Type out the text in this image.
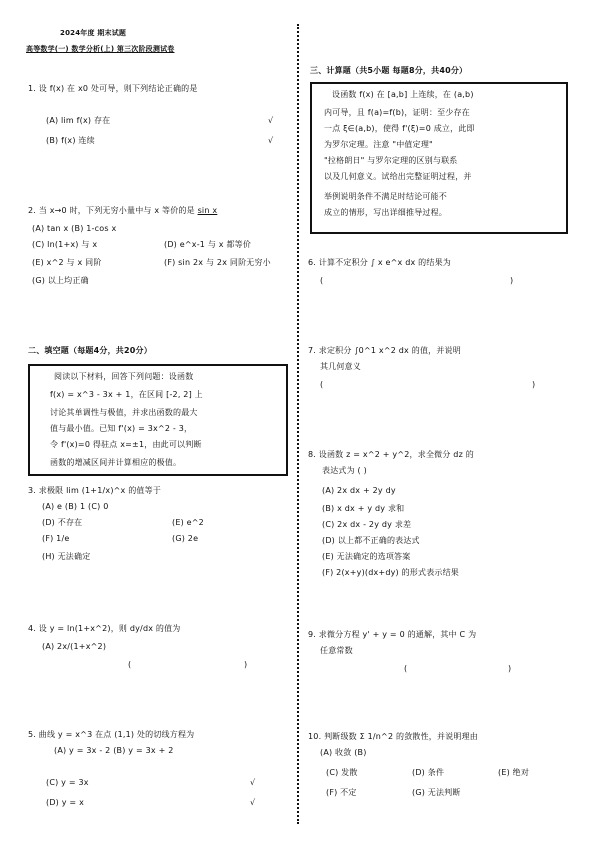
2024年度 期末试题
高等数学(一) 数学分析(上) 第三次阶段测试卷
1. 设 f(x) 在 x0 处可导，则下列结论正确的是
(A) lim f(x) 存在	√
(B) f(x) 连续	√
2. 当 x→0 时，下列无穷小量中与 x 等价的是 sin x
(A) tan x (B) 1-cos x
(C) ln(1+x) 与 x	(D) e^x-1 与 x 都等价
(E) x^2 与 x 同阶	(F) sin 2x 与 2x 同阶无穷小
(G) 以上均正确
二、填空题（每题4分，共20分）
阅读以下材料，回答下列问题：设函数
f(x) = x^3 - 3x + 1，在区间 [-2, 2] 上
讨论其单调性与极值，并求出函数的最大
值与最小值。已知 f'(x) = 3x^2 - 3，
令 f'(x)=0 得驻点 x=±1，由此可以判断
函数的增减区间并计算相应的极值。
3. 求极限 lim (1+1/x)^x 的值等于
(A) e (B) 1 (C) 0
(D) 不存在	(E) e^2
(F) 1/e	(G) 2e
(H) 无法确定
4. 设 y = ln(1+x^2)，则 dy/dx 的值为
(A) 2x/(1+x^2)
(	)
5. 曲线 y = x^3 在点 (1,1) 处的切线方程为
(A) y = 3x - 2 (B) y = 3x + 2
(C) y = 3x	√
(D) y = x	√
三、计算题（共5小题 每题8分，共40分）
设函数 f(x) 在 [a,b] 上连续，在 (a,b)
内可导，且 f(a)=f(b)，证明：至少存在
一点 ξ∈(a,b)，使得 f'(ξ)=0 成立，此即
为罗尔定理。注意 "中值定理"
"拉格朗日" 与罗尔定理的区别与联系
以及几何意义。试给出完整证明过程，并
举例说明条件不满足时结论可能不
成立的情形，写出详细推导过程。
6. 计算不定积分 ∫ x e^x dx 的结果为
(	)
7. 求定积分 ∫0^1 x^2 dx 的值，并说明
其几何意义
(	)
8. 设函数 z = x^2 + y^2，求全微分 dz 的
表达式为 ( )
(A) 2x dx + 2y dy
(B) x dx + y dy 求和
(C) 2x dx - 2y dy 求差
(D) 以上都不正确的表达式
(F) 2(x+y)(dx+dy) 的形式表示结果
(E) 无法确定的选项答案
9. 求微分方程 y' + y = 0 的通解，其中 C 为
任意常数
(	)
10. 判断级数 Σ 1/n^2 的敛散性，并说明理由
(A) 收敛 (B)
(C) 发散	(D) 条件	(E) 绝对
(F) 不定	(G) 无法判断
